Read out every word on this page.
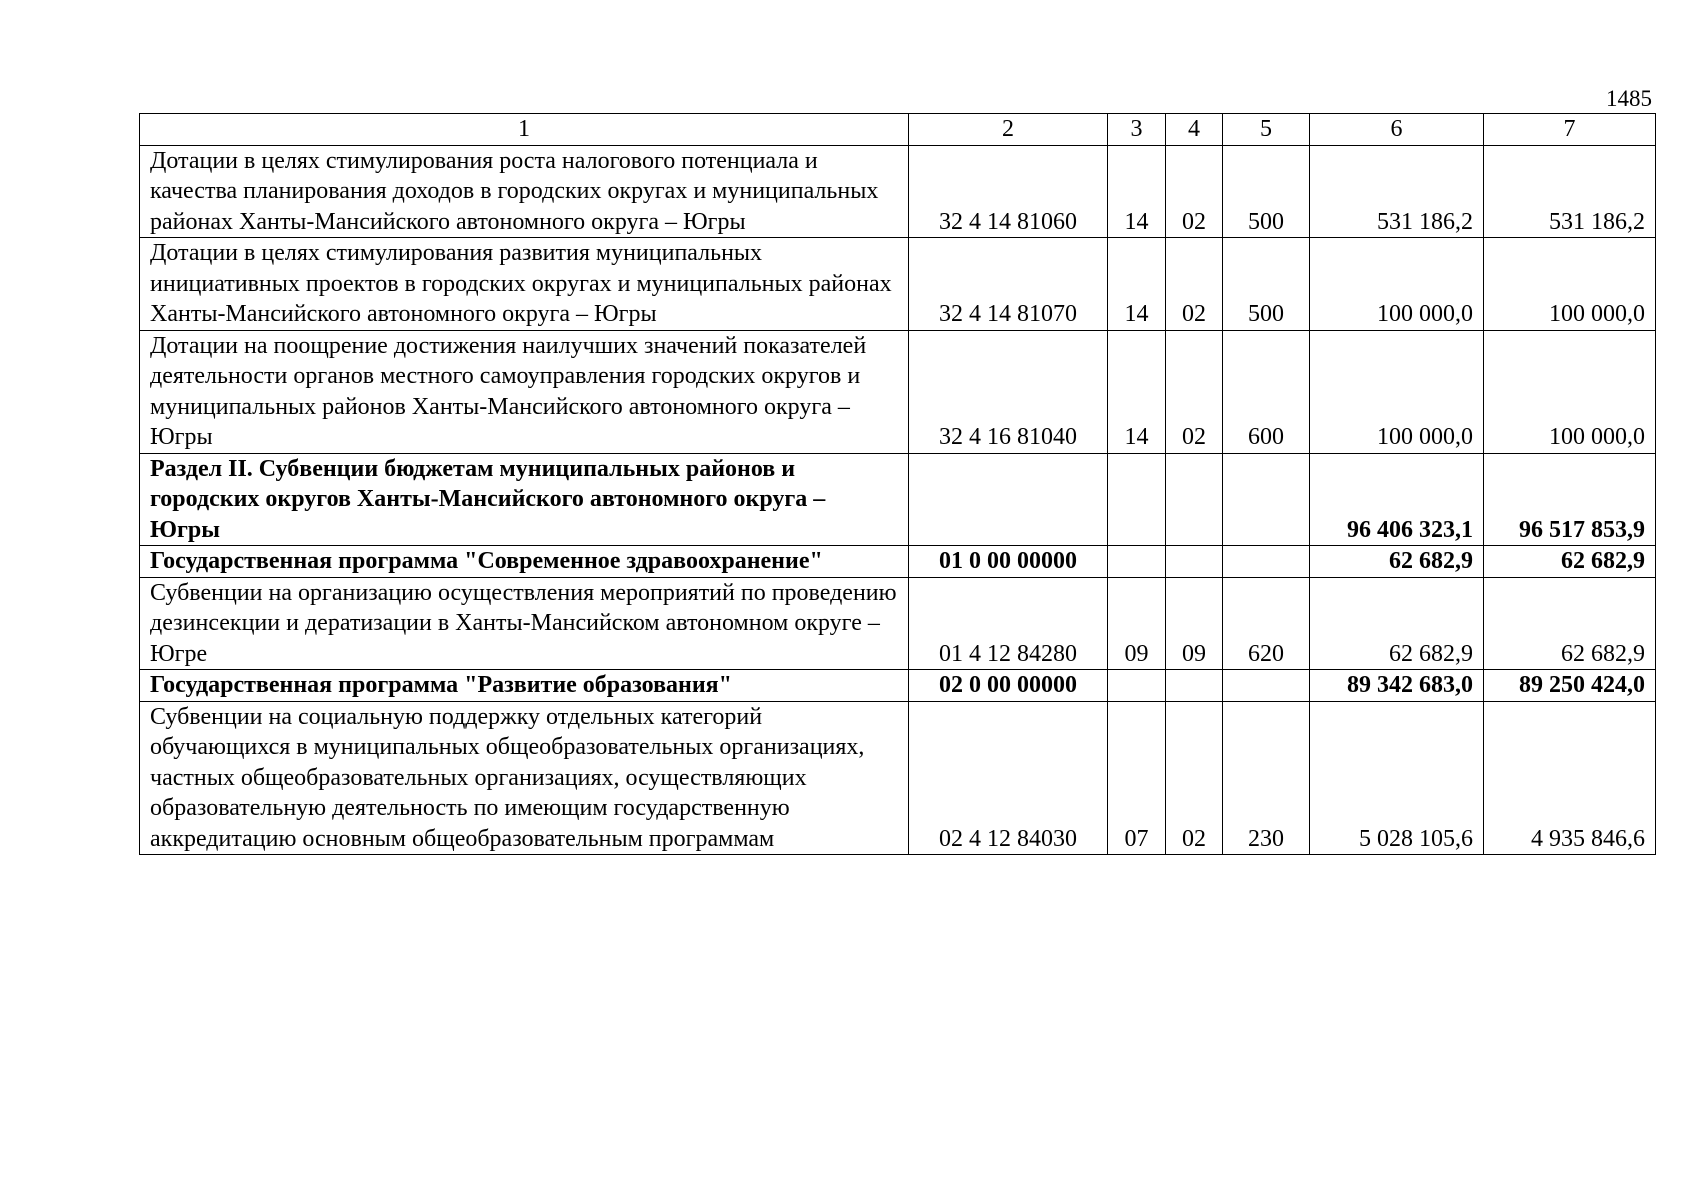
1485
1	2	3	4	5	6	7
Дотации в целях стимулирования роста налогового потенциала и качества планирования доходов в городских округах и муниципальных районах Ханты-Мансийского автономного округа – Югры	32 4 14 81060	14	02	500	531 186,2	531 186,2
Дотации в целях стимулирования развития муниципальных инициативных проектов в городских округах и муниципальных районах Ханты-Мансийского автономного округа – Югры	32 4 14 81070	14	02	500	100 000,0	100 000,0
Дотации на поощрение достижения наилучших значений показателей деятельности органов местного самоуправления городских округов и муниципальных районов Ханты-Мансийского автономного округа – Югры	32 4 16 81040	14	02	600	100 000,0	100 000,0
Раздел II. Субвенции бюджетам муниципальных районов и городских округов Ханты-Мансийского автономного округа – Югры					96 406 323,1	96 517 853,9
Государственная программа "Современное здравоохранение"	01 0 00 00000				62 682,9	62 682,9
Субвенции на организацию осуществления мероприятий по проведению дезинсекции и дератизации в Ханты-Мансийском автономном округе – Югре	01 4 12 84280	09	09	620	62 682,9	62 682,9
Государственная программа "Развитие образования"	02 0 00 00000				89 342 683,0	89 250 424,0
Субвенции на социальную поддержку отдельных категорий обучающихся в муниципальных общеобразовательных организациях, частных общеобразовательных организациях, осуществляющих образовательную деятельность по имеющим государственную аккредитацию основным общеобразовательным программам	02 4 12 84030	07	02	230	5 028 105,6	4 935 846,6
